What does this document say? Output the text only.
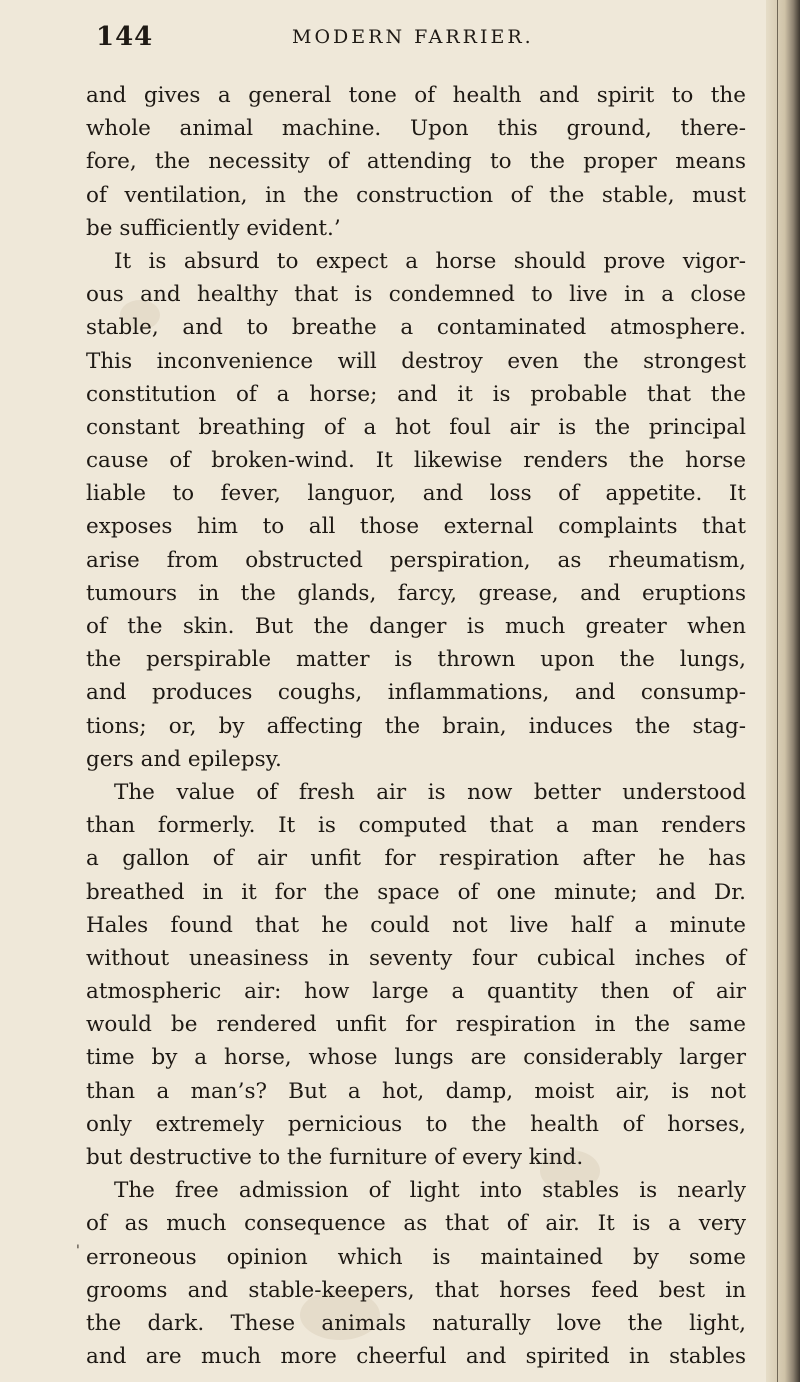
144	MODERN FARRIER.
and gives a general tone of health and spirit to the
whole animal machine. Upon this ground, there-
fore, the necessity of attending to the proper means
of ventilation, in the construction of the stable, must
be sufficiently evident.’
It is absurd to expect a horse should prove vigor-
ous and healthy that is condemned to live in a close
stable, and to breathe a contaminated atmosphere.
This inconvenience will destroy even the strongest
constitution of a horse; and it is probable that the
constant breathing of a hot foul air is the principal
cause of broken-wind. It likewise renders the horse
liable to fever, languor, and loss of appetite. It
exposes him to all those external complaints that
arise from obstructed perspiration, as rheumatism,
tumours in the glands, farcy, grease, and eruptions
of the skin. But the danger is much greater when
the perspirable matter is thrown upon the lungs,
and produces coughs, inflammations, and consump-
tions; or, by affecting the brain, induces the stag-
gers and epilepsy.
The value of fresh air is now better understood
than formerly. It is computed that a man renders
a gallon of air unfit for respiration after he has
breathed in it for the space of one minute; and Dr.
Hales found that he could not live half a minute
without uneasiness in seventy four cubical inches of
atmospheric air: how large a quantity then of air
would be rendered unfit for respiration in the same
time by a horse, whose lungs are considerably larger
than a man’s? But a hot, damp, moist air, is not
only extremely pernicious to the health of horses,
but destructive to the furniture of every kind.
The free admission of light into stables is nearly
of as much consequence as that of air. It is a very
erroneous opinion which is maintained by some
grooms and stable-keepers, that horses feed best in
the dark. These animals naturally love the light,
and are much more cheerful and spirited in stables
'
